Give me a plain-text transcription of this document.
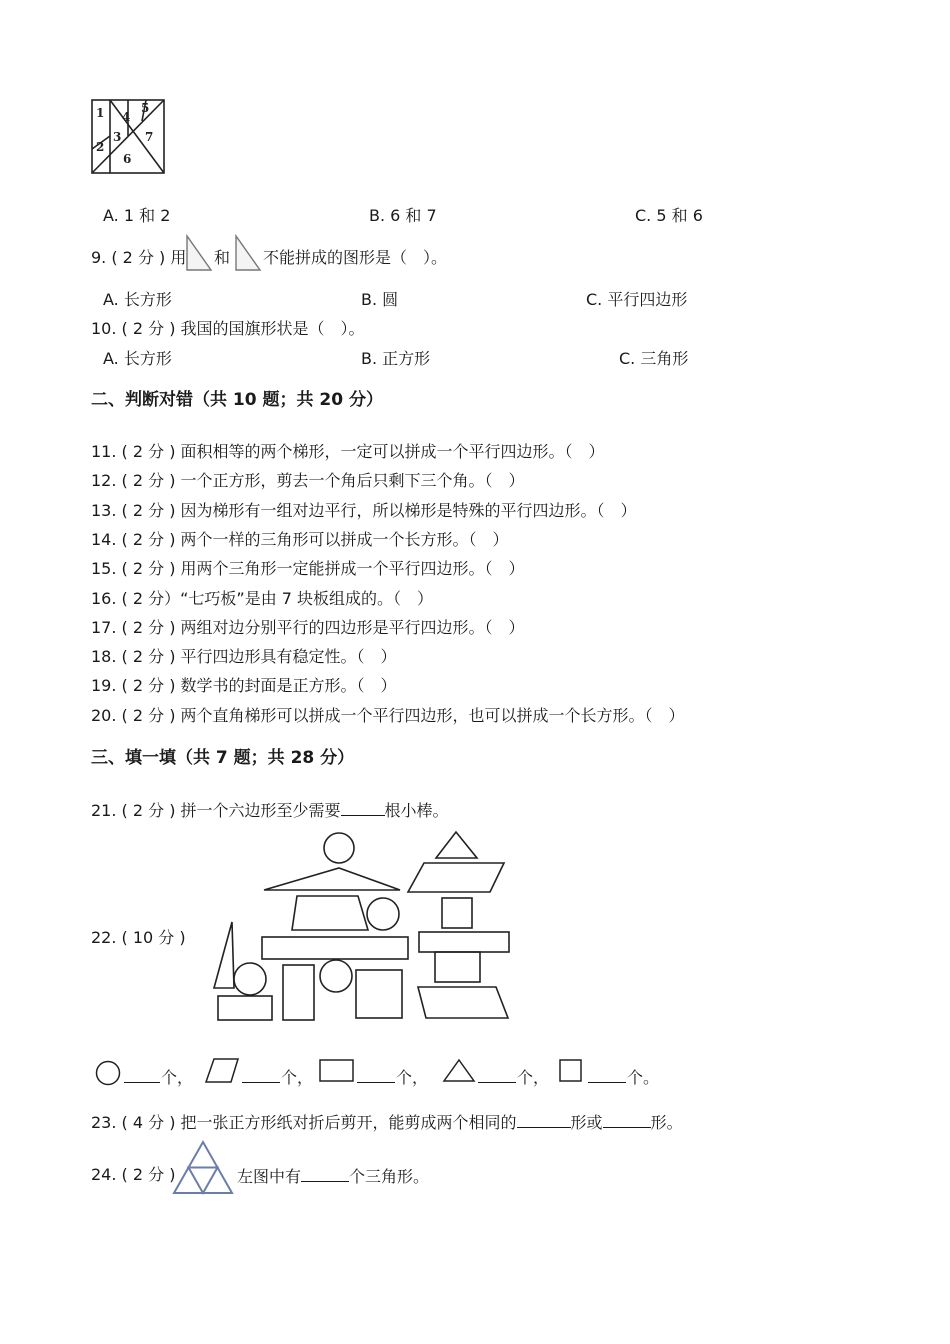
1
2
3
4
5
6
7
A. 1 和 2	B. 6 和 7	C. 5 和 6
9. ( 2 分 ) 用 和 不能拼成的图形是（　）。
A. 长方形	B. 圆	C. 平行四边形
10. ( 2 分 ) 我国的国旗形状是（　）。
A. 长方形	B. 正方形	C. 三角形
二、判断对错（共 10 题；共 20 分）
11. ( 2 分 ) 面积相等的两个梯形，一定可以拼成一个平行四边形。（　）
12. ( 2 分 ) 一个正方形，剪去一个角后只剩下三个角。（　）
13. ( 2 分 ) 因为梯形有一组对边平行，所以梯形是特殊的平行四边形。（　）
14. ( 2 分 ) 两个一样的三角形可以拼成一个长方形。（　）
15. ( 2 分 ) 用两个三角形一定能拼成一个平行四边形。（　）
16. ( 2 分）“七巧板”是由 7 块板组成的。（　）
17. ( 2 分 ) 两组对边分别平行的四边形是平行四边形。（　）
18. ( 2 分 ) 平行四边形具有稳定性。（　）
19. ( 2 分 ) 数学书的封面是正方形。（　）
20. ( 2 分 ) 两个直角梯形可以拼成一个平行四边形，也可以拼成一个长方形。（　）
三、填一填（共 7 题；共 28 分）
21. ( 2 分 ) 拼一个六边形至少需要	根小棒。
22. ( 10 分 )
个，	个，	个，	个，	个。
23. ( 4 分 ) 把一张正方形纸对折后剪开，能剪成两个相同的	形或	形。
24. ( 2 分 )	左图中有	个三角形。
